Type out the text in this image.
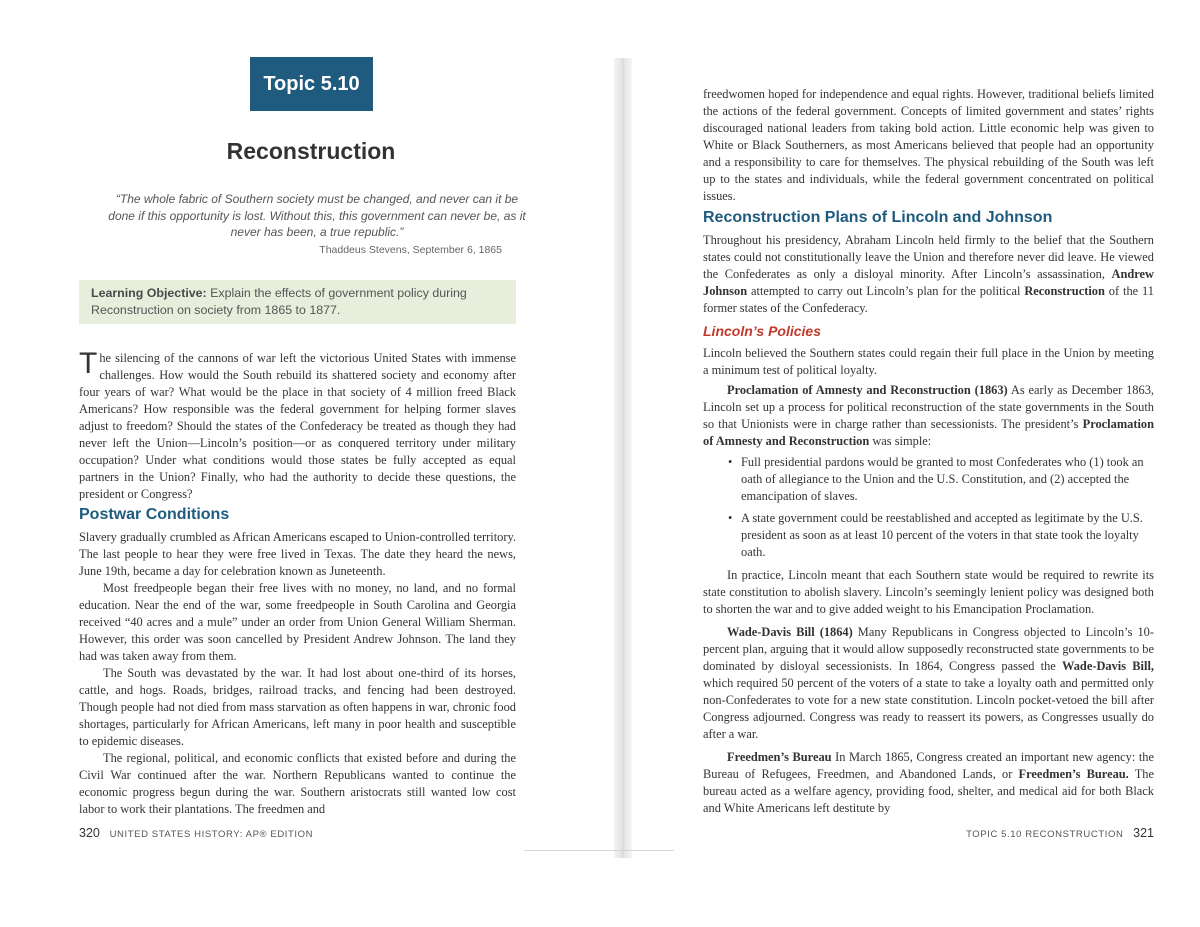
Topic 5.10
Reconstruction
“The whole fabric of Southern society must be changed, and never can it be done if this opportunity is lost. Without this, this government can never be, as it never has been, a true republic.”
Thaddeus Stevens, September 6, 1865
Learning Objective: Explain the effects of government policy during Reconstruction on society from 1865 to 1877.
The silencing of the cannons of war left the victorious United States with immense challenges. How would the South rebuild its shattered society and economy after four years of war? What would be the place in that society of 4 million freed Black Americans? How responsible was the federal government for helping former slaves adjust to freedom? Should the states of the Confederacy be treated as though they had never left the Union—Lincoln’s position—or as conquered territory under military occupation? Under what conditions would those states be fully accepted as equal partners in the Union? Finally, who had the authority to decide these questions, the president or Congress?
Postwar Conditions

Slavery gradually crumbled as African Americans escaped to Union-controlled territory. The last people to hear they were free lived in Texas. The date they heard the news, June 19th, became a day for celebration known as Juneteenth.

Most freedpeople began their free lives with no money, no land, and no formal education. Near the end of the war, some freedpeople in South Carolina and Georgia received “40 acres and a mule” under an order from Union General William Sherman. However, this order was soon cancelled by President Andrew Johnson. The land they had was taken away from them.

The South was devastated by the war. It had lost about one-third of its horses, cattle, and hogs. Roads, bridges, railroad tracks, and fencing had been destroyed. Though people had not died from mass starvation as often happens in war, chronic food shortages, particularly for African Americans, left many in poor health and susceptible to epidemic diseases.

The regional, political, and economic conflicts that existed before and during the Civil War continued after the war. Northern Republicans wanted to continue the economic progress begun during the war. Southern aristocrats still wanted low cost labor to work their plantations. The freedmen and

320 UNITED STATES HISTORY: AP® EDITION
freedwomen hoped for independence and equal rights. However, traditional beliefs limited the actions of the federal government. Concepts of limited government and states’ rights discouraged national leaders from taking bold action. Little economic help was given to White or Black Southerners, as most Americans believed that people had an opportunity and a responsibility to care for themselves. The physical rebuilding of the South was left up to the states and individuals, while the federal government concentrated on political issues.
Reconstruction Plans of Lincoln and Johnson
Throughout his presidency, Abraham Lincoln held firmly to the belief that the Southern states could not constitutionally leave the Union and therefore never did leave. He viewed the Confederates as only a disloyal minority. After Lincoln’s assassination, Andrew Johnson attempted to carry out Lincoln’s plan for the political Reconstruction of the 11 former states of the Confederacy.
Lincoln’s Policies

Lincoln believed the Southern states could regain their full place in the Union by meeting a minimum test of political loyalty.

Proclamation of Amnesty and Reconstruction (1863) As early as December 1863, Lincoln set up a process for political reconstruction of the state governments in the South so that Unionists were in charge rather than secessionists. The president’s Proclamation of Amnesty and Reconstruction was simple:

• Full presidential pardons would be granted to most Confederates who (1) took an oath of allegiance to the Union and the U.S. Constitution, and (2) accepted the emancipation of slaves.
• A state government could be reestablished and accepted as legitimate by the U.S. president as soon as at least 10 percent of the voters in that state took the loyalty oath.

In practice, Lincoln meant that each Southern state would be required to rewrite its state constitution to abolish slavery. Lincoln’s seemingly lenient policy was designed both to shorten the war and to give added weight to his Emancipation Proclamation.

Wade-Davis Bill (1864) Many Republicans in Congress objected to Lincoln’s 10-percent plan, arguing that it would allow supposedly reconstructed state governments to be dominated by disloyal secessionists. In 1864, Congress passed the Wade-Davis Bill, which required 50 percent of the voters of a state to take a loyalty oath and permitted only non-Confederates to vote for a new state constitution. Lincoln pocket-vetoed the bill after Congress adjourned. Congress was ready to reassert its powers, as Congresses usually do after a war.

Freedmen’s Bureau In March 1865, Congress created an important new agency: the Bureau of Refugees, Freedmen, and Abandoned Lands, or Freedmen’s Bureau. The bureau acted as a welfare agency, providing food, shelter, and medical aid for both Black and White Americans left destitute by

TOPIC 5.10 RECONSTRUCTION 321
